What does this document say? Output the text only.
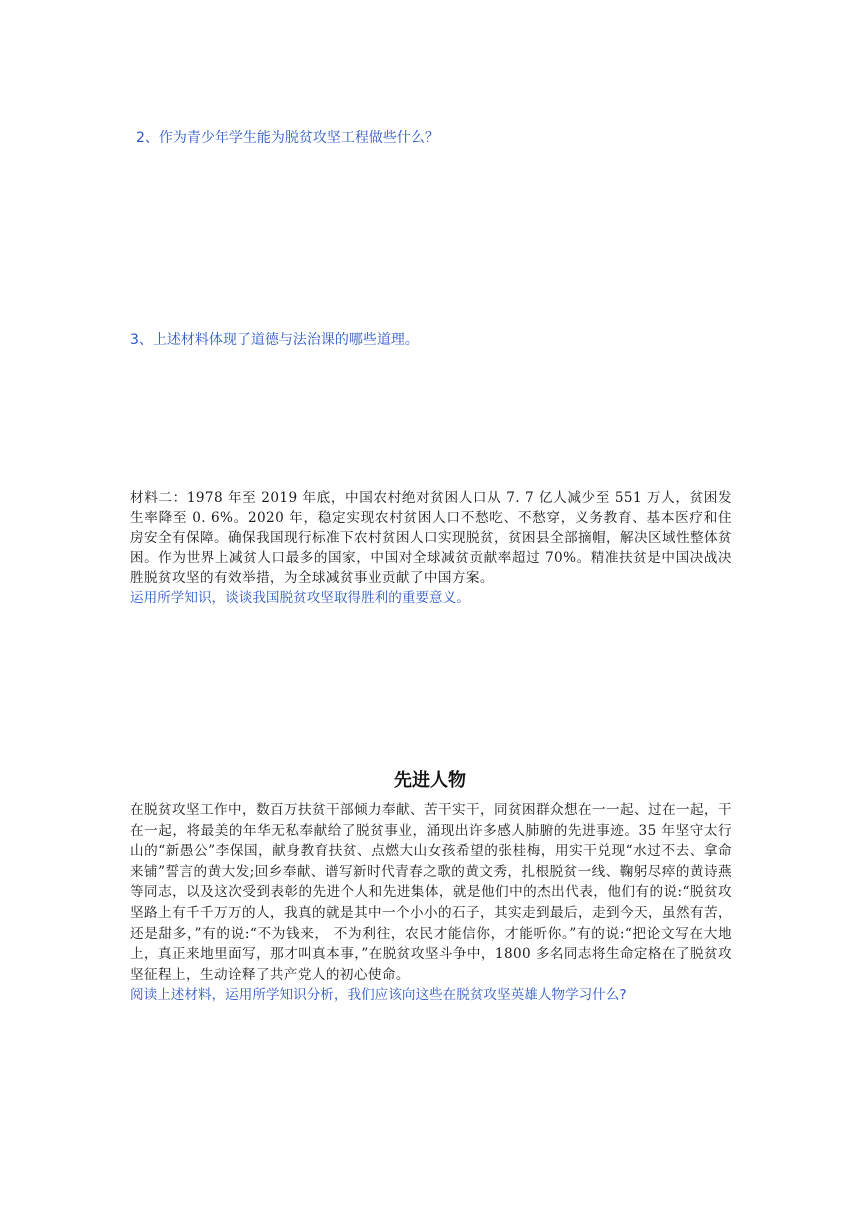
2、作为青少年学生能为脱贫攻坚工程做些什么？
3、上述材料体现了道德与法治课的哪些道理。
材料二：1978 年至 2019 年底，中国农村绝对贫困人口从 7. 7 亿人减少至 551 万人，贫困发生率降至 0. 6%。2020 年，稳定实现农村贫困人口不愁吃、不愁穿，义务教育、基本医疗和住房安全有保障。确保我国现行标准下农村贫困人口实现脱贫，贫困县全部摘帽，解决区域性整体贫困。作为世界上减贫人口最多的国家，中国对全球减贫贡献率超过 70%。精准扶贫是中国决战决胜脱贫攻坚的有效举措，为全球减贫事业贡献了中国方案。
运用所学知识，谈谈我国脱贫攻坚取得胜利的重要意义。
先进人物
在脱贫攻坚工作中，数百万扶贫干部倾力奉献、苦干实干，同贫困群众想在一一起、过在一起，干在一起，将最美的年华无私奉献给了脱贫事业，涌现出许多感人肺腑的先进事迹。35 年坚守太行山的“新愚公”李保国，献身教育扶贫、点燃大山女孩希望的张桂梅，用实干兑现“水过不去、拿命来铺”誓言的黄大发;回乡奉献、谱写新时代青春之歌的黄文秀，扎根脱贫一线、鞠躬尽瘁的黄诗燕等同志，以及这次受到表彰的先进个人和先进集体，就是他们中的杰出代表，他们有的说:“脱贫攻坚路上有千千万万的人，我真的就是其中一个小小的石子，其实走到最后，走到今天，虽然有苦，还是甜多，”有的说:“不为钱来， 不为利往，农民才能信你，才能听你。”有的说:“把论文写在大地上，真正来地里面写，那才叫真本事，”在脱贫攻坚斗争中，1800 多名同志将生命定格在了脱贫攻坚征程上，生动诠释了共产党人的初心使命。
阅读上述材料，运用所学知识分析，我们应该向这些在脱贫攻坚英雄人物学习什么?
